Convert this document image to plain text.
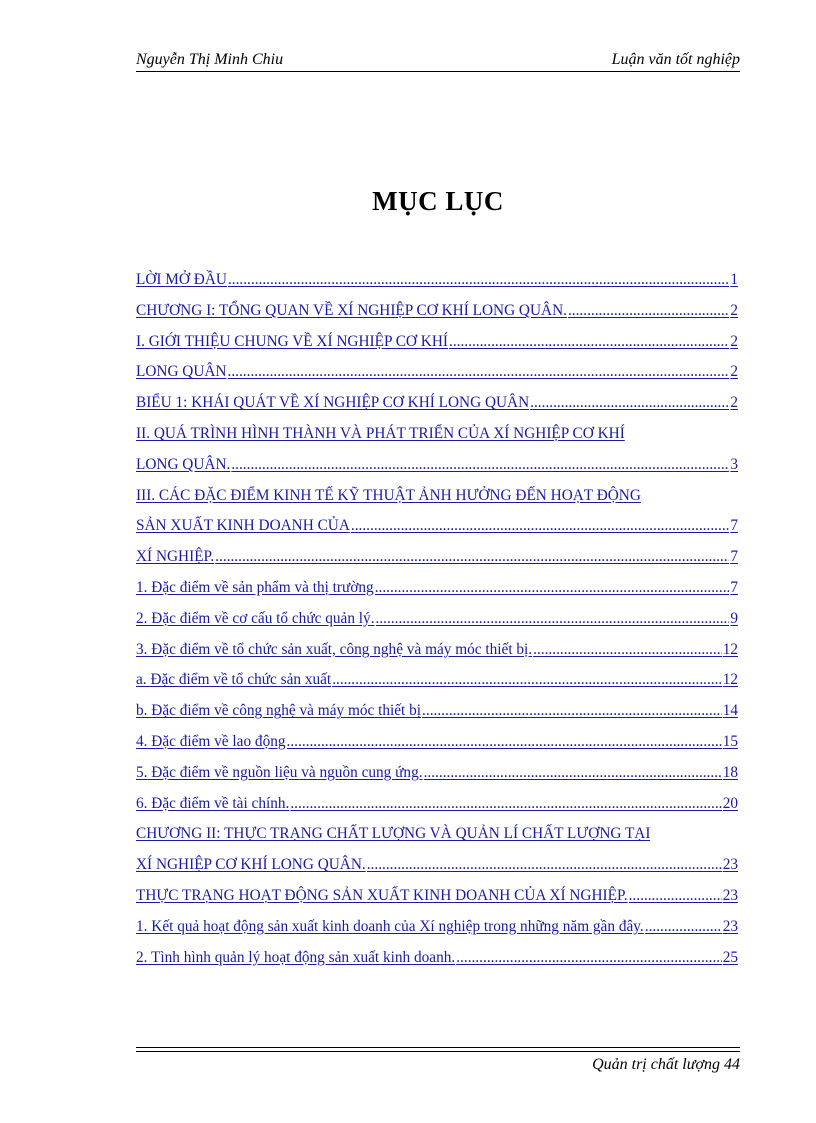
Nguyễn Thị Minh Chiu	Luận văn tốt nghiệp
MỤC LỤC
LỜI MỞ ĐẦU .....	1
CHƯƠNG I: TỔNG QUAN VỀ XÍ NGHIỆP CƠ KHÍ LONG QUÂN. .....	2
I. GIỚI THIỆU CHUNG VỀ XÍ NGHIỆP CƠ KHÍ .....	2
LONG QUÂN .....	2
BIỂU 1: KHÁI QUÁT VỀ XÍ NGHIỆP CƠ KHÍ LONG QUÂN .....	2
II. QUÁ TRÌNH HÌNH THÀNH VÀ PHÁT TRIỂN CỦA XÍ NGHIỆP CƠ KHÍ
LONG QUÂN. .....	3
III. CÁC ĐẶC ĐIỂM KINH TẾ KỸ THUẬT ẢNH HƯỞNG ĐẾN HOẠT ĐỘNG
SẢN XUẤT KINH DOANH CỦA .....	7
XÍ NGHIỆP. .....	7
1. Đặc điểm về sản phẩm và thị trường .....	7
2. Đặc điểm về cơ cấu tổ chức quản lý. .....	9
3. Đặc điểm về tổ chức sản xuất, công nghệ và máy móc thiết bị. .....	12
a. Đặc điểm về tổ chức sản xuất .....	12
b. Đặc điểm về công nghệ và máy móc thiết bị .....	14
4. Đặc điểm về lao động .....	15
5. Đặc điểm về nguồn liệu và nguồn cung ứng. .....	18
6. Đặc điểm về tài chính. .....	20
CHƯƠNG II: THỰC TRẠNG CHẤT LƯỢNG VÀ QUẢN LÍ CHẤT LƯỢNG TẠI
XÍ NGHIỆP CƠ KHÍ LONG QUÂN. .....	23
THỰC TRẠNG HOẠT ĐỘNG SẢN XUẤT KINH DOANH CỦA XÍ NGHIỆP. .....	23
1. Kết quả hoạt động sản xuất kinh doanh của Xí nghiệp trong những năm gần đây. .....	23
2. Tình hình quản lý hoạt động sản xuất kinh doanh. .....	25
Quản trị chất lượng 44
